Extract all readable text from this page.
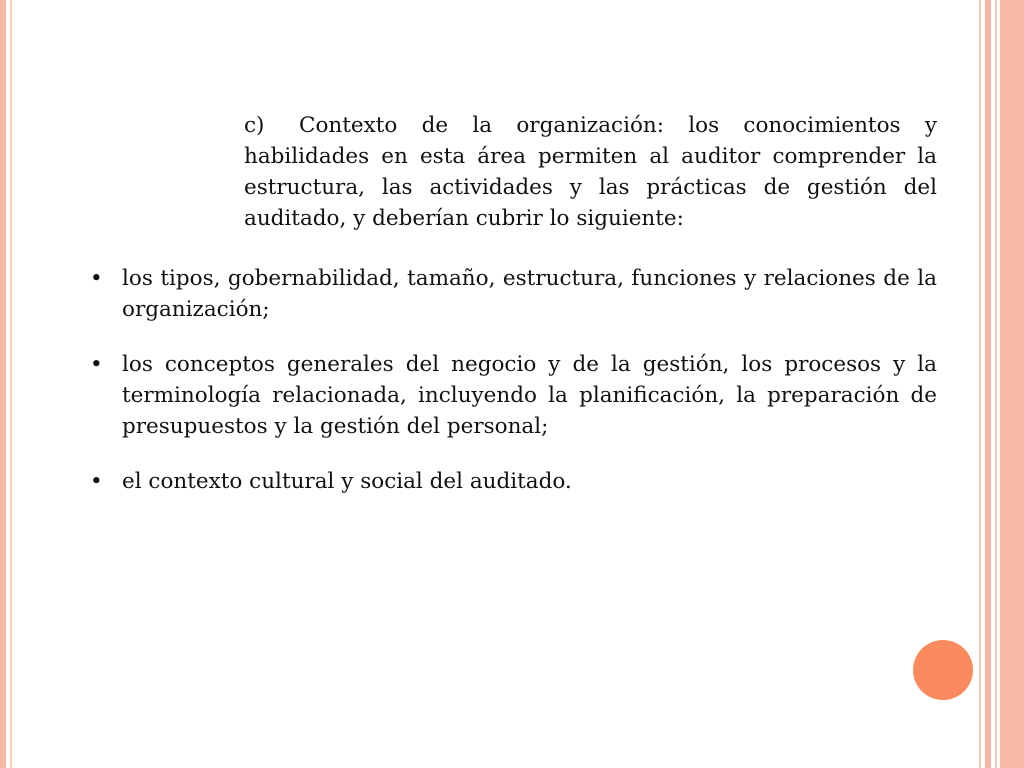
c) Contexto de la organización: los conocimientos y habilidades en esta área permiten al auditor comprender la estructura, las actividades y las prácticas de gestión del auditado, y deberían cubrir lo siguiente:

• los tipos, gobernabilidad, tamaño, estructura, funciones y relaciones de la organización;
• los conceptos generales del negocio y de la gestión, los procesos y la terminología relacionada, incluyendo la planificación, la preparación de presupuestos y la gestión del personal;
• el contexto cultural y social del auditado.
